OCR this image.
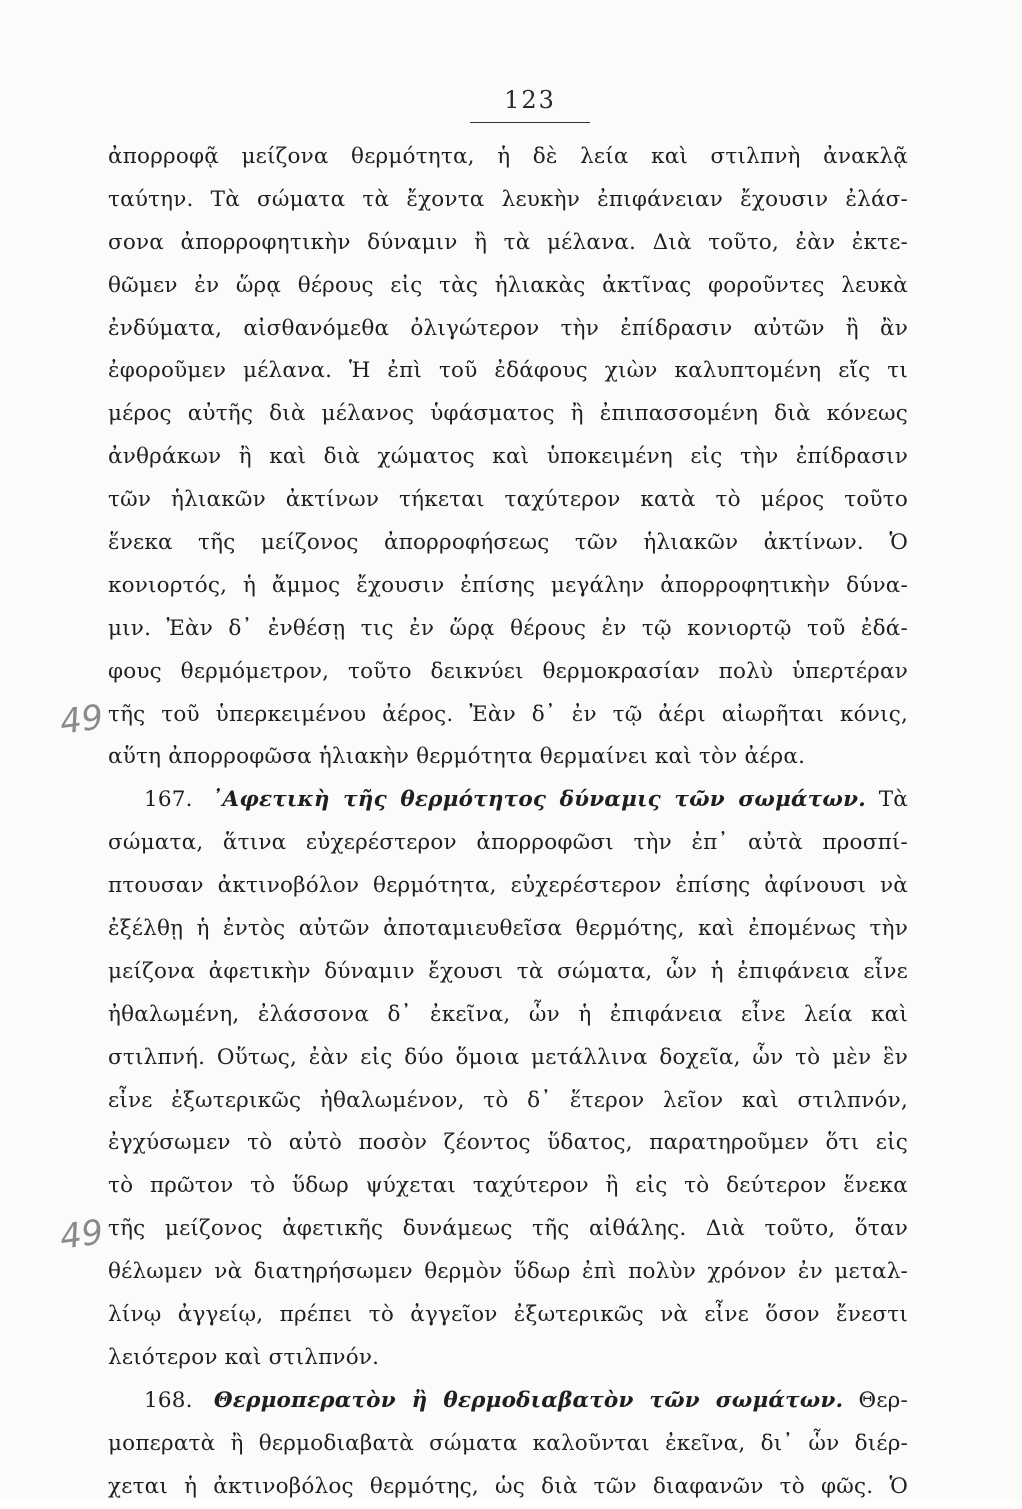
123
49
49
ἀπορροφᾷ μείζονα θερμότητα, ἡ δὲ λεία καὶ στιλπνὴ ἀνακλᾷ
ταύτην. Τὰ σώματα τὰ ἔχοντα λευκὴν ἐπιφάνειαν ἔχουσιν ἐλάσ-
σονα ἀπορροφητικὴν δύναμιν ἢ τὰ μέλανα. Διὰ τοῦτο, ἐὰν ἐκτε-
θῶμεν ἐν ὥρᾳ θέρους εἰς τὰς ἡλιακὰς ἀκτῖνας φοροῦντες λευκὰ
ἐνδύματα, αἰσθανόμεθα ὀλιγώτερον τὴν ἐπίδρασιν αὐτῶν ἢ ἂν
ἐφοροῦμεν μέλανα. Ἡ ἐπὶ τοῦ ἐδάφους χιὼν καλυπτομένη εἴς τι
μέρος αὐτῆς διὰ μέλανος ὑφάσματος ἢ ἐπιπασσομένη διὰ κόνεως
ἀνθράκων ἢ καὶ διὰ χώματος καὶ ὑποκειμένη εἰς τὴν ἐπίδρασιν
τῶν ἡλιακῶν ἀκτίνων τήκεται ταχύτερον κατὰ τὸ μέρος τοῦτο
ἕνεκα τῆς μείζονος ἀπορροφήσεως τῶν ἡλιακῶν ἀκτίνων. Ὁ
κονιορτός, ἡ ἄμμος ἔχουσιν ἐπίσης μεγάλην ἀπορροφητικὴν δύνα-
μιν. Ἐὰν δ᾿ ἐνθέσῃ τις ἐν ὥρᾳ θέρους ἐν τῷ κονιορτῷ τοῦ ἐδά-
φους θερμόμετρον, τοῦτο δεικνύει θερμοκρασίαν πολὺ ὑπερτέραν
τῆς τοῦ ὑπερκειμένου ἀέρος. Ἐὰν δ᾿ ἐν τῷ ἀέρι αἰωρῆται κόνις,
αὕτη ἀπορροφῶσα ἡλιακὴν θερμότητα θερμαίνει καὶ τὸν ἀέρα.
167. ᾿Αφετικὴ τῆς θερμότητος δύναμις τῶν σωμάτων. Τὰ
σώματα, ἅτινα εὐχερέστερον ἀπορροφῶσι τὴν ἐπ᾿ αὐτὰ προσπί-
πτουσαν ἀκτινοβόλον θερμότητα, εὐχερέστερον ἐπίσης ἀφίνουσι νὰ
ἐξέλθῃ ἡ ἐντὸς αὐτῶν ἀποταμιευθεῖσα θερμότης, καὶ ἐπομένως τὴν
μείζονα ἀφετικὴν δύναμιν ἔχουσι τὰ σώματα, ὧν ἡ ἐπιφάνεια εἶνε
ἠθαλωμένη, ἐλάσσονα δ᾿ ἐκεῖνα, ὧν ἡ ἐπιφάνεια εἶνε λεία καὶ
στιλπνή. Οὕτως, ἐὰν εἰς δύο ὅμοια μετάλλινα δοχεῖα, ὧν τὸ μὲν ἓν
εἶνε ἐξωτερικῶς ἠθαλωμένον, τὸ δ᾿ ἕτερον λεῖον καὶ στιλπνόν,
ἐγχύσωμεν τὸ αὐτὸ ποσὸν ζέοντος ὕδατος, παρατηροῦμεν ὅτι εἰς
τὸ πρῶτον τὸ ὕδωρ ψύχεται ταχύτερον ἢ εἰς τὸ δεύτερον ἕνεκα
τῆς μείζονος ἀφετικῆς δυνάμεως τῆς αἰθάλης. Διὰ τοῦτο, ὅταν
θέλωμεν νὰ διατηρήσωμεν θερμὸν ὕδωρ ἐπὶ πολὺν χρόνον ἐν μεταλ-
λίνῳ ἀγγείῳ, πρέπει τὸ ἀγγεῖον ἐξωτερικῶς νὰ εἶνε ὅσον ἔνεστι
λειότερον καὶ στιλπνόν.
168. Θερμοπερατὸν ἢ θερμοδιαβατὸν τῶν σωμάτων. Θερ-
μοπερατὰ ἢ θερμοδιαβατὰ σώματα καλοῦνται ἐκεῖνα, δι᾿ ὧν διέρ-
χεται ἡ ἀκτινοβόλος θερμότης, ὡς διὰ τῶν διαφανῶν τὸ φῶς. Ὁ
